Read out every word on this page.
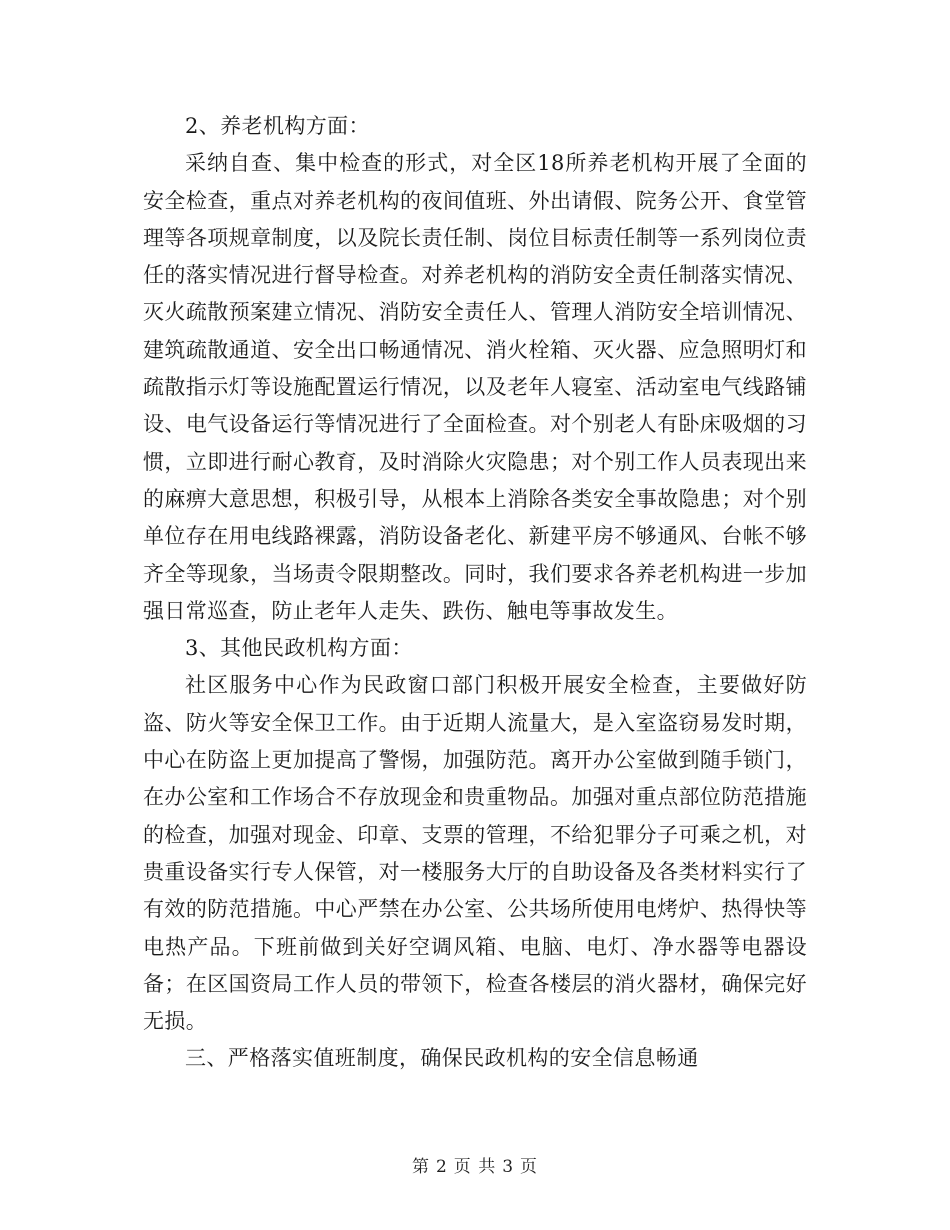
2、养老机构方面：

采纳自查、集中检查的形式，对全区18所养老机构开展了全面的安全检查，重点对养老机构的夜间值班、外出请假、院务公开、食堂管理等各项规章制度，以及院长责任制、岗位目标责任制等一系列岗位责任的落实情况进行督导检查。对养老机构的消防安全责任制落实情况、灭火疏散预案建立情况、消防安全责任人、管理人消防安全培训情况、建筑疏散通道、安全出口畅通情况、消火栓箱、灭火器、应急照明灯和疏散指示灯等设施配置运行情况，以及老年人寝室、活动室电气线路铺设、电气设备运行等情况进行了全面检查。对个别老人有卧床吸烟的习惯，立即进行耐心教育，及时消除火灾隐患；对个别工作人员表现出来的麻痹大意思想，积极引导，从根本上消除各类安全事故隐患；对个别单位存在用电线路裸露，消防设备老化、新建平房不够通风、台帐不够齐全等现象，当场责令限期整改。同时，我们要求各养老机构进一步加强日常巡查，防止老年人走失、跌伤、触电等事故发生。

3、其他民政机构方面：

社区服务中心作为民政窗口部门积极开展安全检查，主要做好防盗、防火等安全保卫工作。由于近期人流量大，是入室盗窃易发时期，中心在防盗上更加提高了警惕，加强防范。离开办公室做到随手锁门，在办公室和工作场合不存放现金和贵重物品。加强对重点部位防范措施的检查，加强对现金、印章、支票的管理，不给犯罪分子可乘之机，对贵重设备实行专人保管，对一楼服务大厅的自助设备及各类材料实行了有效的防范措施。中心严禁在办公室、公共场所使用电烤炉、热得快等电热产品。下班前做到关好空调风箱、电脑、电灯、净水器等电器设备；在区国资局工作人员的带领下，检查各楼层的消火器材，确保完好无损。

三、严格落实值班制度，确保民政机构的安全信息畅通

第 2 页 共 3 页
